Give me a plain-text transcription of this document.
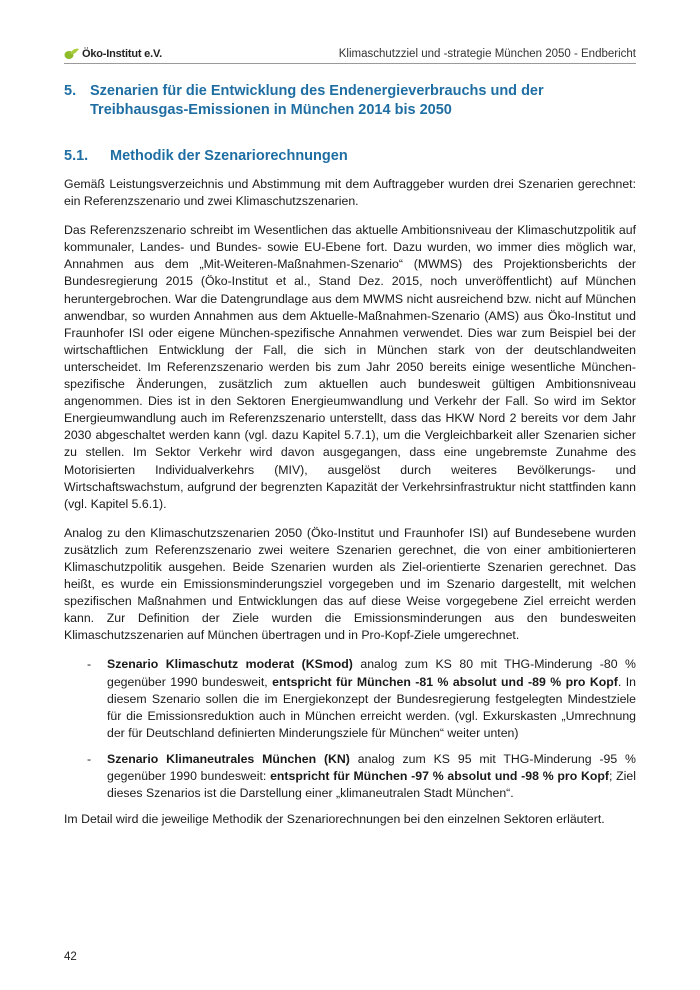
Öko-Institut e.V.	Klimaschutzziel und -strategie München 2050 - Endbericht
5. Szenarien für die Entwicklung des Endenergieverbrauchs und der Treibhausgas-Emissionen in München 2014 bis 2050
5.1.	Methodik der Szenariorechnungen

Gemäß Leistungsverzeichnis und Abstimmung mit dem Auftraggeber wurden drei Szenarien gerechnet: ein Referenzszenario und zwei Klimaschutzszenarien.

Das Referenzszenario schreibt im Wesentlichen das aktuelle Ambitionsniveau der Klimaschutzpolitik auf kommunaler, Landes- und Bundes- sowie EU-Ebene fort. Dazu wurden, wo immer dies möglich war, Annahmen aus dem „Mit-Weiteren-Maßnahmen-Szenario“ (MWMS) des Projektionsberichts der Bundesregierung 2015 (Öko-Institut et al., Stand Dez. 2015, noch unveröffentlicht) auf München heruntergebrochen. War die Datengrundlage aus dem MWMS nicht ausreichend bzw. nicht auf München anwendbar, so wurden Annahmen aus dem Aktuelle-Maßnahmen-Szenario (AMS) aus Öko-Institut und Fraunhofer ISI oder eigene München-spezifische Annahmen verwendet. Dies war zum Beispiel bei der wirtschaftlichen Entwicklung der Fall, die sich in München stark von der deutschlandweiten unterscheidet. Im Referenzszenario werden bis zum Jahr 2050 bereits einige wesentliche München-spezifische Änderungen, zusätzlich zum aktuellen auch bundesweit gültigen Ambitionsniveau angenommen. Dies ist in den Sektoren Energieumwandlung und Verkehr der Fall. So wird im Sektor Energieumwandlung auch im Referenzszenario unterstellt, dass das HKW Nord 2 bereits vor dem Jahr 2030 abgeschaltet werden kann (vgl. dazu Kapitel 5.7.1), um die Vergleichbarkeit aller Szenarien sicher zu stellen. Im Sektor Verkehr wird davon ausgegangen, dass eine ungebremste Zunahme des Motorisierten Individualverkehrs (MIV), ausgelöst durch weiteres Bevölkerungs- und Wirtschaftswachstum, aufgrund der begrenzten Kapazität der Verkehrsinfrastruktur nicht stattfinden kann (vgl. Kapitel 5.6.1).

Analog zu den Klimaschutzszenarien 2050 (Öko-Institut und Fraunhofer ISI) auf Bundesebene wurden zusätzlich zum Referenzszenario zwei weitere Szenarien gerechnet, die von einer ambitionierteren Klimaschutzpolitik ausgehen. Beide Szenarien wurden als Ziel-orientierte Szenarien gerechnet. Das heißt, es wurde ein Emissionsminderungsziel vorgegeben und im Szenario dargestellt, mit welchen spezifischen Maßnahmen und Entwicklungen das auf diese Weise vorgegebene Ziel erreicht werden kann. Zur Definition der Ziele wurden die Emissionsminderungen aus den bundesweiten Klimaschutzszenarien auf München übertragen und in Pro-Kopf-Ziele umgerechnet.

- Szenario Klimaschutz moderat (KSmod) analog zum KS 80 mit THG-Minderung -80 % gegenüber 1990 bundesweit, entspricht für München -81 % absolut und -89 % pro Kopf. In diesem Szenario sollen die im Energiekonzept der Bundesregierung festgelegten Mindestziele für die Emissionsreduktion auch in München erreicht werden. (vgl. Exkurskasten „Umrechnung der für Deutschland definierten Minderungsziele für München“ weiter unten)
- Szenario Klimaneutrales München (KN) analog zum KS 95 mit THG-Minderung -95 % gegenüber 1990 bundesweit: entspricht für München -97 % absolut und -98 % pro Kopf; Ziel dieses Szenarios ist die Darstellung einer „klimaneutralen Stadt München“.

Im Detail wird die jeweilige Methodik der Szenariorechnungen bei den einzelnen Sektoren erläutert.

42
